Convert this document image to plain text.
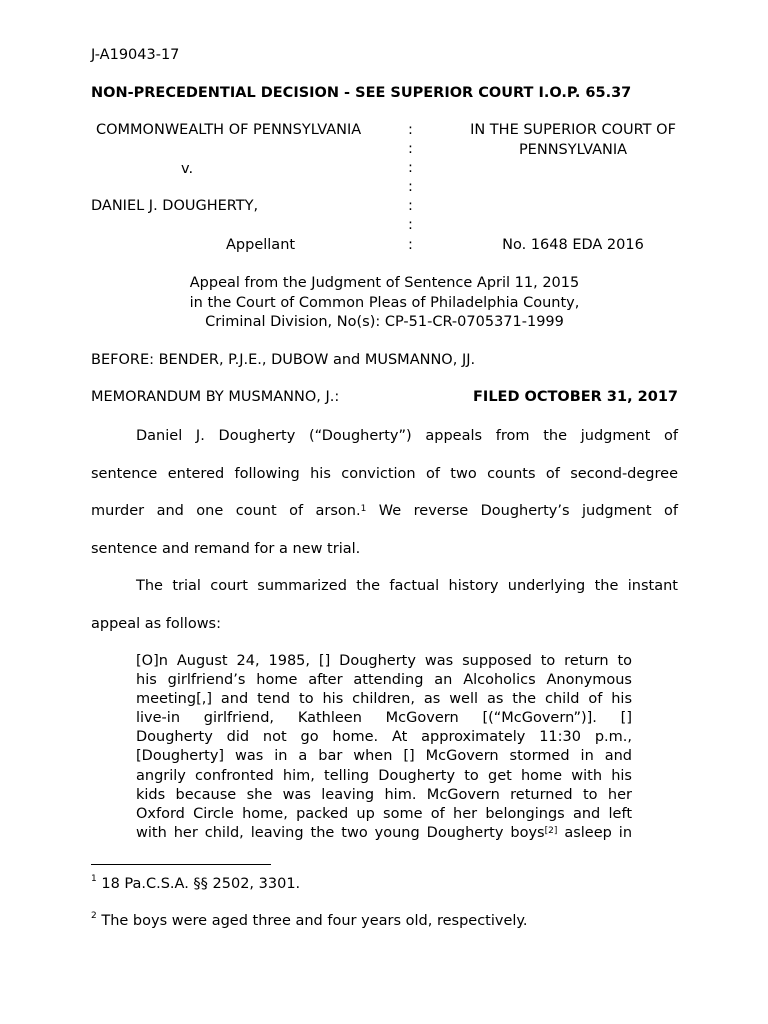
J-A19043-17
NON-PRECEDENTIAL DECISION - SEE SUPERIOR COURT I.O.P. 65.37
COMMONWEALTH OF PENNSYLVANIA
v.
DANIEL J. DOUGHERTY,
Appellant
:
:
:
:
:
:
:
IN THE SUPERIOR COURT OF
PENNSYLVANIA
No. 1648 EDA 2016
Appeal from the Judgment of Sentence April 11, 2015
in the Court of Common Pleas of Philadelphia County,
Criminal Division, No(s): CP-51-CR-0705371-1999
BEFORE: BENDER, P.J.E., DUBOW and MUSMANNO, JJ.
MEMORANDUM BY MUSMANNO, J.:	FILED OCTOBER 31, 2017
Daniel J. Dougherty (“Dougherty”) appeals from the judgment of
sentence entered following his conviction of two counts of second-degree
murder and one count of arson.$^1$ We reverse Dougherty’s judgment of
sentence and remand for a new trial.
The trial court summarized the factual history underlying the instant
appeal as follows:
[O]n August 24, 1985, [] Dougherty was supposed to return to
his girlfriend’s home after attending an Alcoholics Anonymous
meeting[,] and tend to his children, as well as the child of his
live-in girlfriend, Kathleen McGovern [(“McGovern”)]. []
Dougherty did not go home. At approximately 11:30 p.m.,
[Dougherty] was in a bar when [] McGovern stormed in and
angrily confronted him, telling Dougherty to get home with his
kids because she was leaving him. McGovern returned to her
Oxford Circle home, packed up some of her belongings and left
with her child, leaving the two young Dougherty boys[2] asleep in
$^1$ 18 Pa.C.S.A. §§ 2502, 3301.
$^2$ The boys were aged three and four years old, respectively.
